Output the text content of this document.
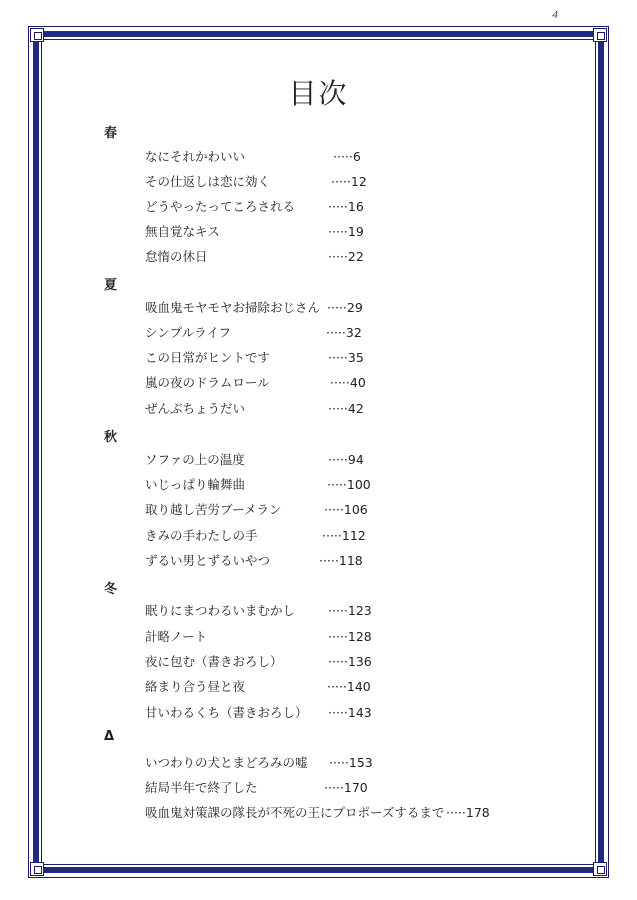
4
目次
春
なにそれかわいい	·····6
その仕返しは恋に効く	·····12
どうやったってころされる	·····16
無自覚なキス	·····19
怠惰の休日	·····22
夏
吸血鬼モヤモヤお掃除おじさん ·····29
シンプルライフ	·····32
この日常がヒントです	·····35
嵐の夜のドラムロール	·····40
ぜんぶちょうだい	·····42
秋
ソファの上の温度	·····94
いじっぱり輪舞曲	·····100
取り越し苦労ブーメラン	·····106
きみの手わたしの手	·····112
ずるい男とずるいやつ	·····118
冬
眠りにまつわるいまむかし	·····123
計略ノート	·····128
夜に包む（書きおろし）	·····136
絡まり合う昼と夜	·····140
甘いわるくち（書きおろし） ·····143
Δ
いつわりの犬とまどろみの嘘 ·····153
結局半年で終了した	·····170
吸血鬼対策課の隊長が不死の王にプロポーズするまで ·····178
